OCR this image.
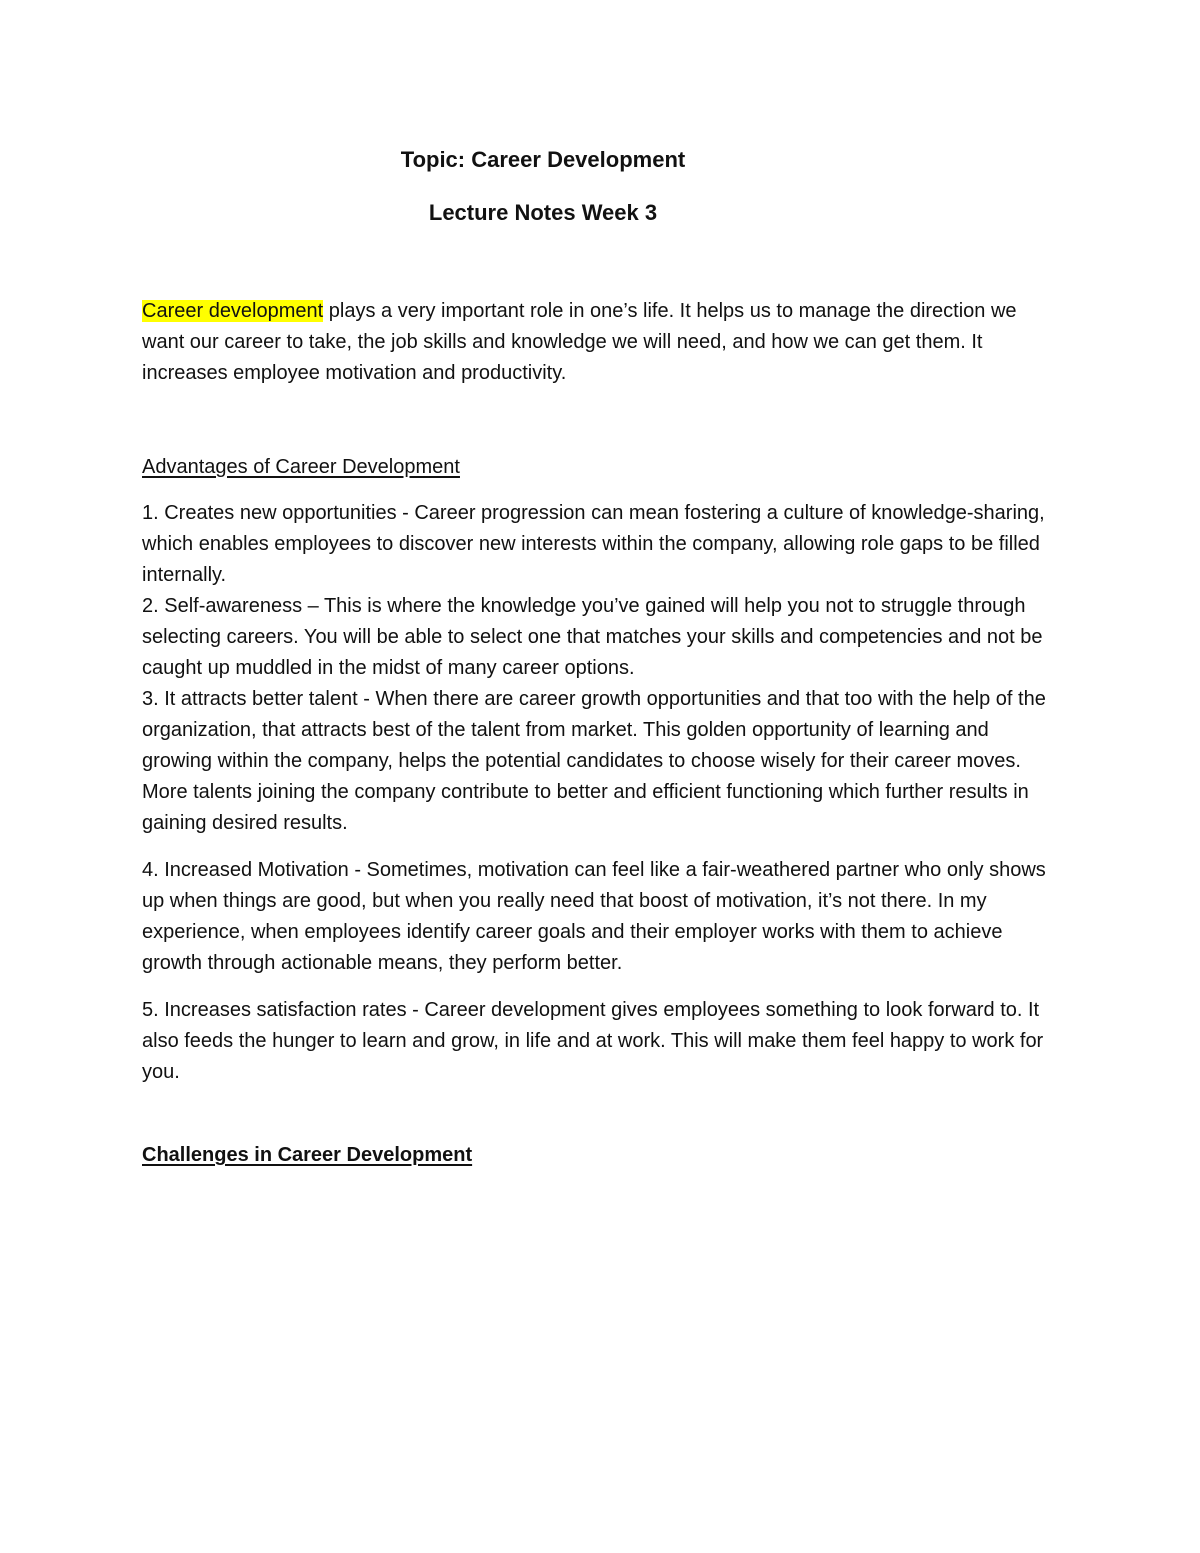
Topic: Career Development
Lecture Notes Week 3

Career development plays a very important role in one’s life. It helps us to manage the direction we want our career to take, the job skills and knowledge we will need, and how we can get them. It increases employee motivation and productivity.

Advantages of Career Development

1. Creates new opportunities - Career progression can mean fostering a culture of knowledge-sharing, which enables employees to discover new interests within the company, allowing role gaps to be filled internally.

2. Self-awareness – This is where the knowledge you’ve gained will help you not to struggle through selecting careers. You will be able to select one that matches your skills and competencies and not be caught up muddled in the midst of many career options.

3. It attracts better talent - When there are career growth opportunities and that too with the help of the organization, that attracts best of the talent from market. This golden opportunity of learning and growing within the company, helps the potential candidates to choose wisely for their career moves. More talents joining the company contribute to better and efficient functioning which further results in gaining desired results.

4. Increased Motivation - Sometimes, motivation can feel like a fair-weathered partner who only shows up when things are good, but when you really need that boost of motivation, it’s not there. In my experience, when employees identify career goals and their employer works with them to achieve growth through actionable means, they perform better.

5. Increases satisfaction rates - Career development gives employees something to look forward to. It also feeds the hunger to learn and grow, in life and at work. This will make them feel happy to work for you.

Challenges in Career Development
